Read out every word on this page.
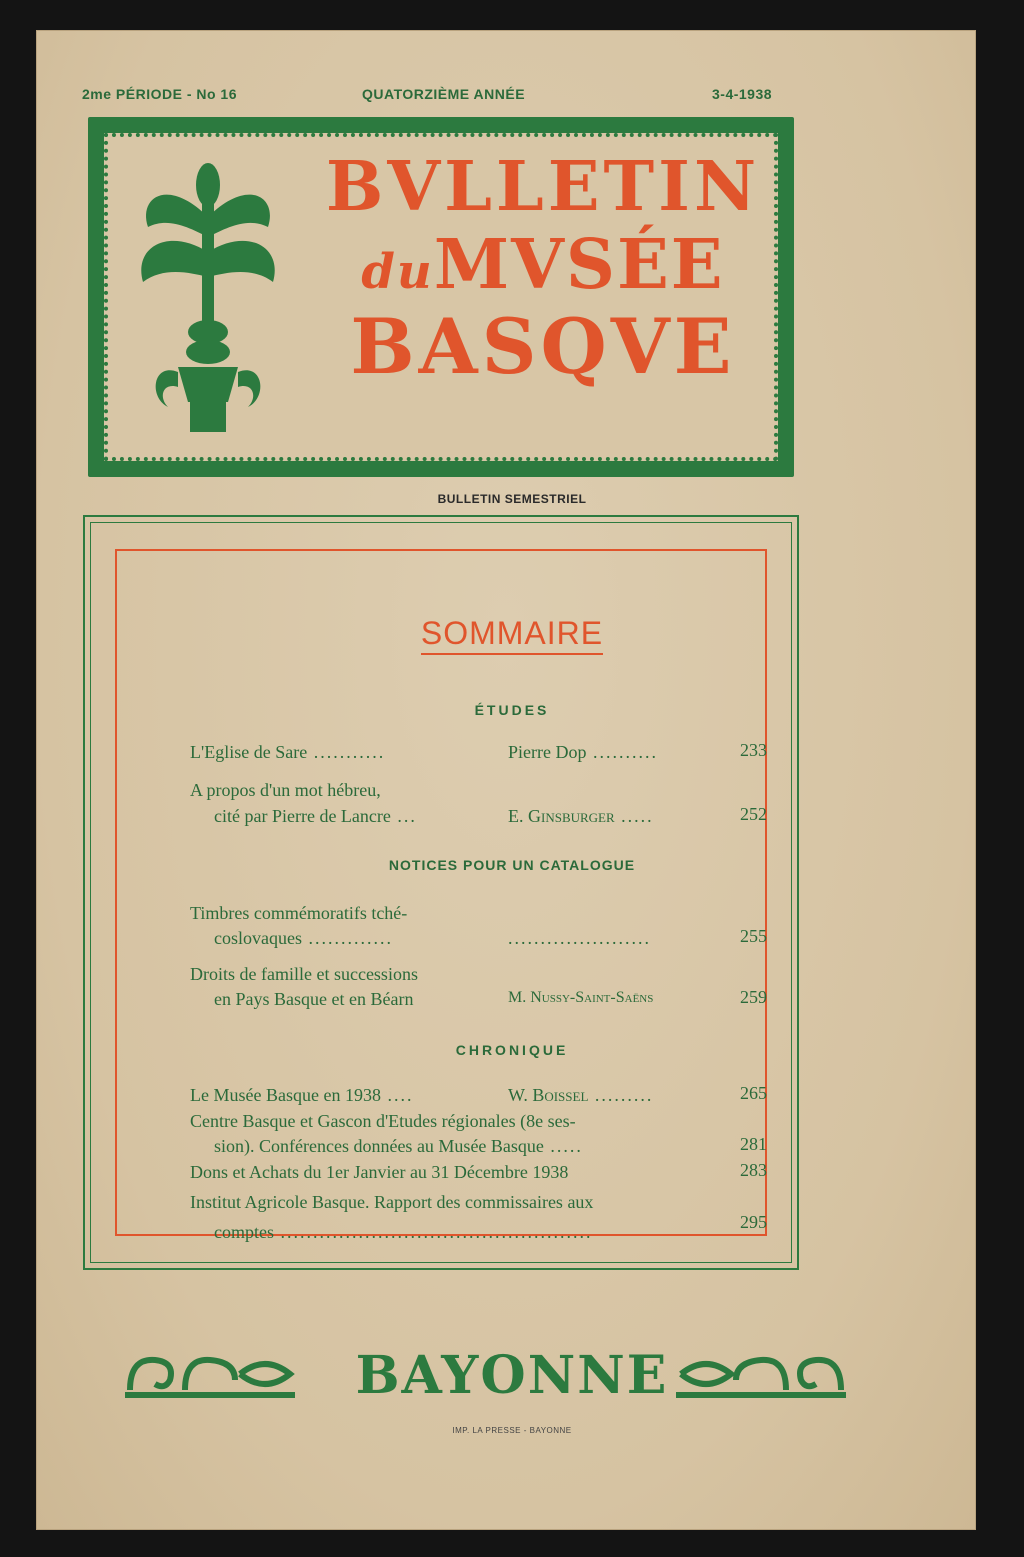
2me PÉRIODE - No 16	QUATORZIÈME ANNÉE	3-4-1938
BVLLETIN
duMVSÉE
BASQVE
BULLETIN SEMESTRIEL
SOMMAIRE
ÉTUDES
L'Eglise de Sare ...........	Pierre Dop ..........	233
A propos d'un mot hébreu,
cité par Pierre de Lancre ...	E. Ginsburger .....	252
NOTICES POUR UN CATALOGUE
Timbres commémoratifs tché-
coslovaques .............	......................	255
Droits de famille et successions
en Pays Basque et en Béarn	M. Nussy-Saint-Saëns	259
CHRONIQUE
Le Musée Basque en 1938 ....	W. Boissel .........	265
Centre Basque et Gascon d'Etudes régionales (8e ses-
sion). Conférences données au Musée Basque .....	281
Dons et Achats du 1er Janvier au 31 Décembre 1938	283
Institut Agricole Basque. Rapport des commissaires aux
comptes ................................................	295
BAYONNE
IMP. LA PRESSE - BAYONNE
